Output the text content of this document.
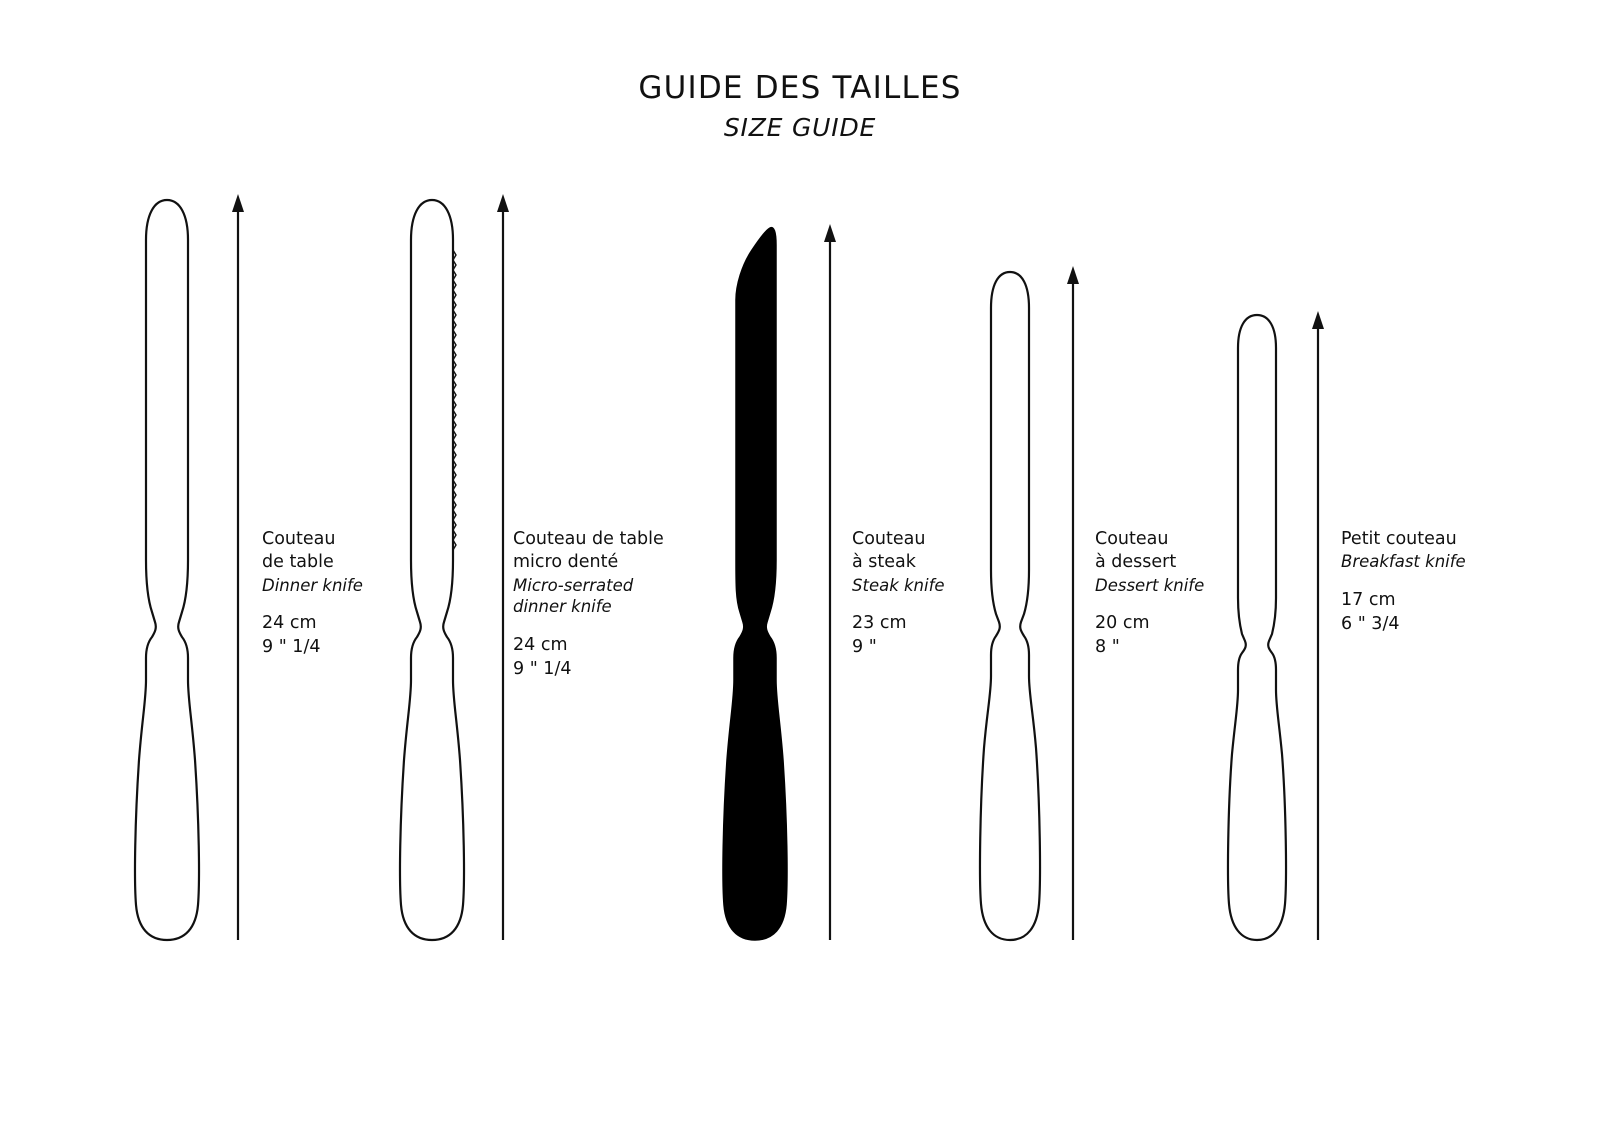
GUIDE DES TAILLES
SIZE GUIDE
Couteau
de table
Dinner knife
24 cm
9 " 1/4
Couteau de table
micro denté
Micro-serrated
dinner knife
24 cm
9 " 1/4
Couteau
à steak
Steak knife
23 cm
9 "
Couteau
à dessert
Dessert knife
20 cm
8 "
Petit couteau
Breakfast knife
17 cm
6 " 3/4
